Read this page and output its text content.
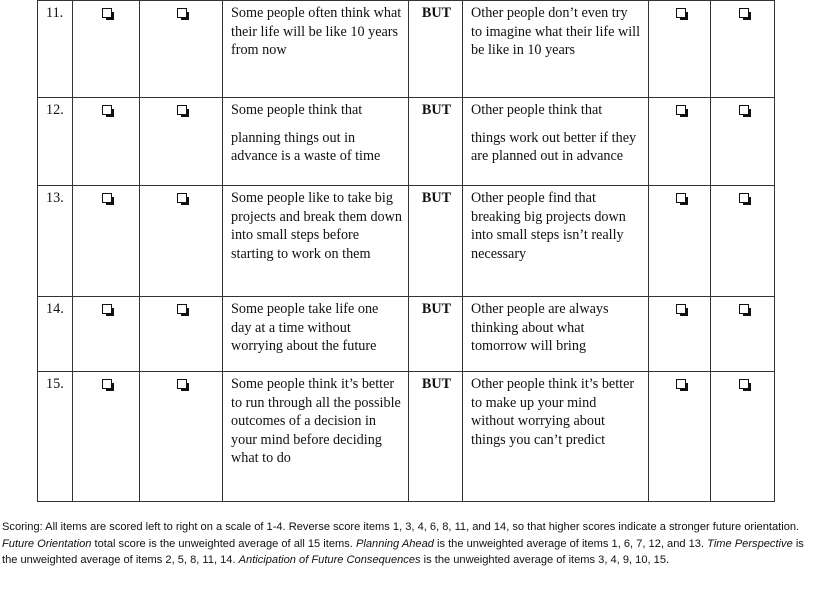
11.			Some people often think what their life will be like 10 years from now	BUT	Other people don’t even try to imagine what their life will be like in 10 years		
12.			Some people think that
planning things out in advance is a waste of time	BUT	Other people think that
things work out better if they are planned out in advance		
13.			Some people like to take big projects and break them down into small steps before starting to work on them	BUT	Other people find that breaking big projects down into small steps isn’t really necessary		
14.			Some people take life one day at a time without worrying about the future	BUT	Other people are always thinking about what tomorrow will bring		
15.			Some people think it’s better to run through all the possible outcomes of a decision in your mind before deciding what to do	BUT	Other people think it’s better to make up your mind without worrying about things you can’t predict		
Scoring: All items are scored left to right on a scale of 1-4. Reverse score items 1, 3, 4, 6, 8, 11, and 14, so that higher scores indicate a stronger future orientation. Future Orientation total score is the unweighted average of all 15 items. Planning Ahead is the unweighted average of items 1, 6, 7, 12, and 13. Time Perspective is the unweighted average of items 2, 5, 8, 11, 14. Anticipation of Future Consequences is the unweighted average of items 3, 4, 9, 10, 15.
